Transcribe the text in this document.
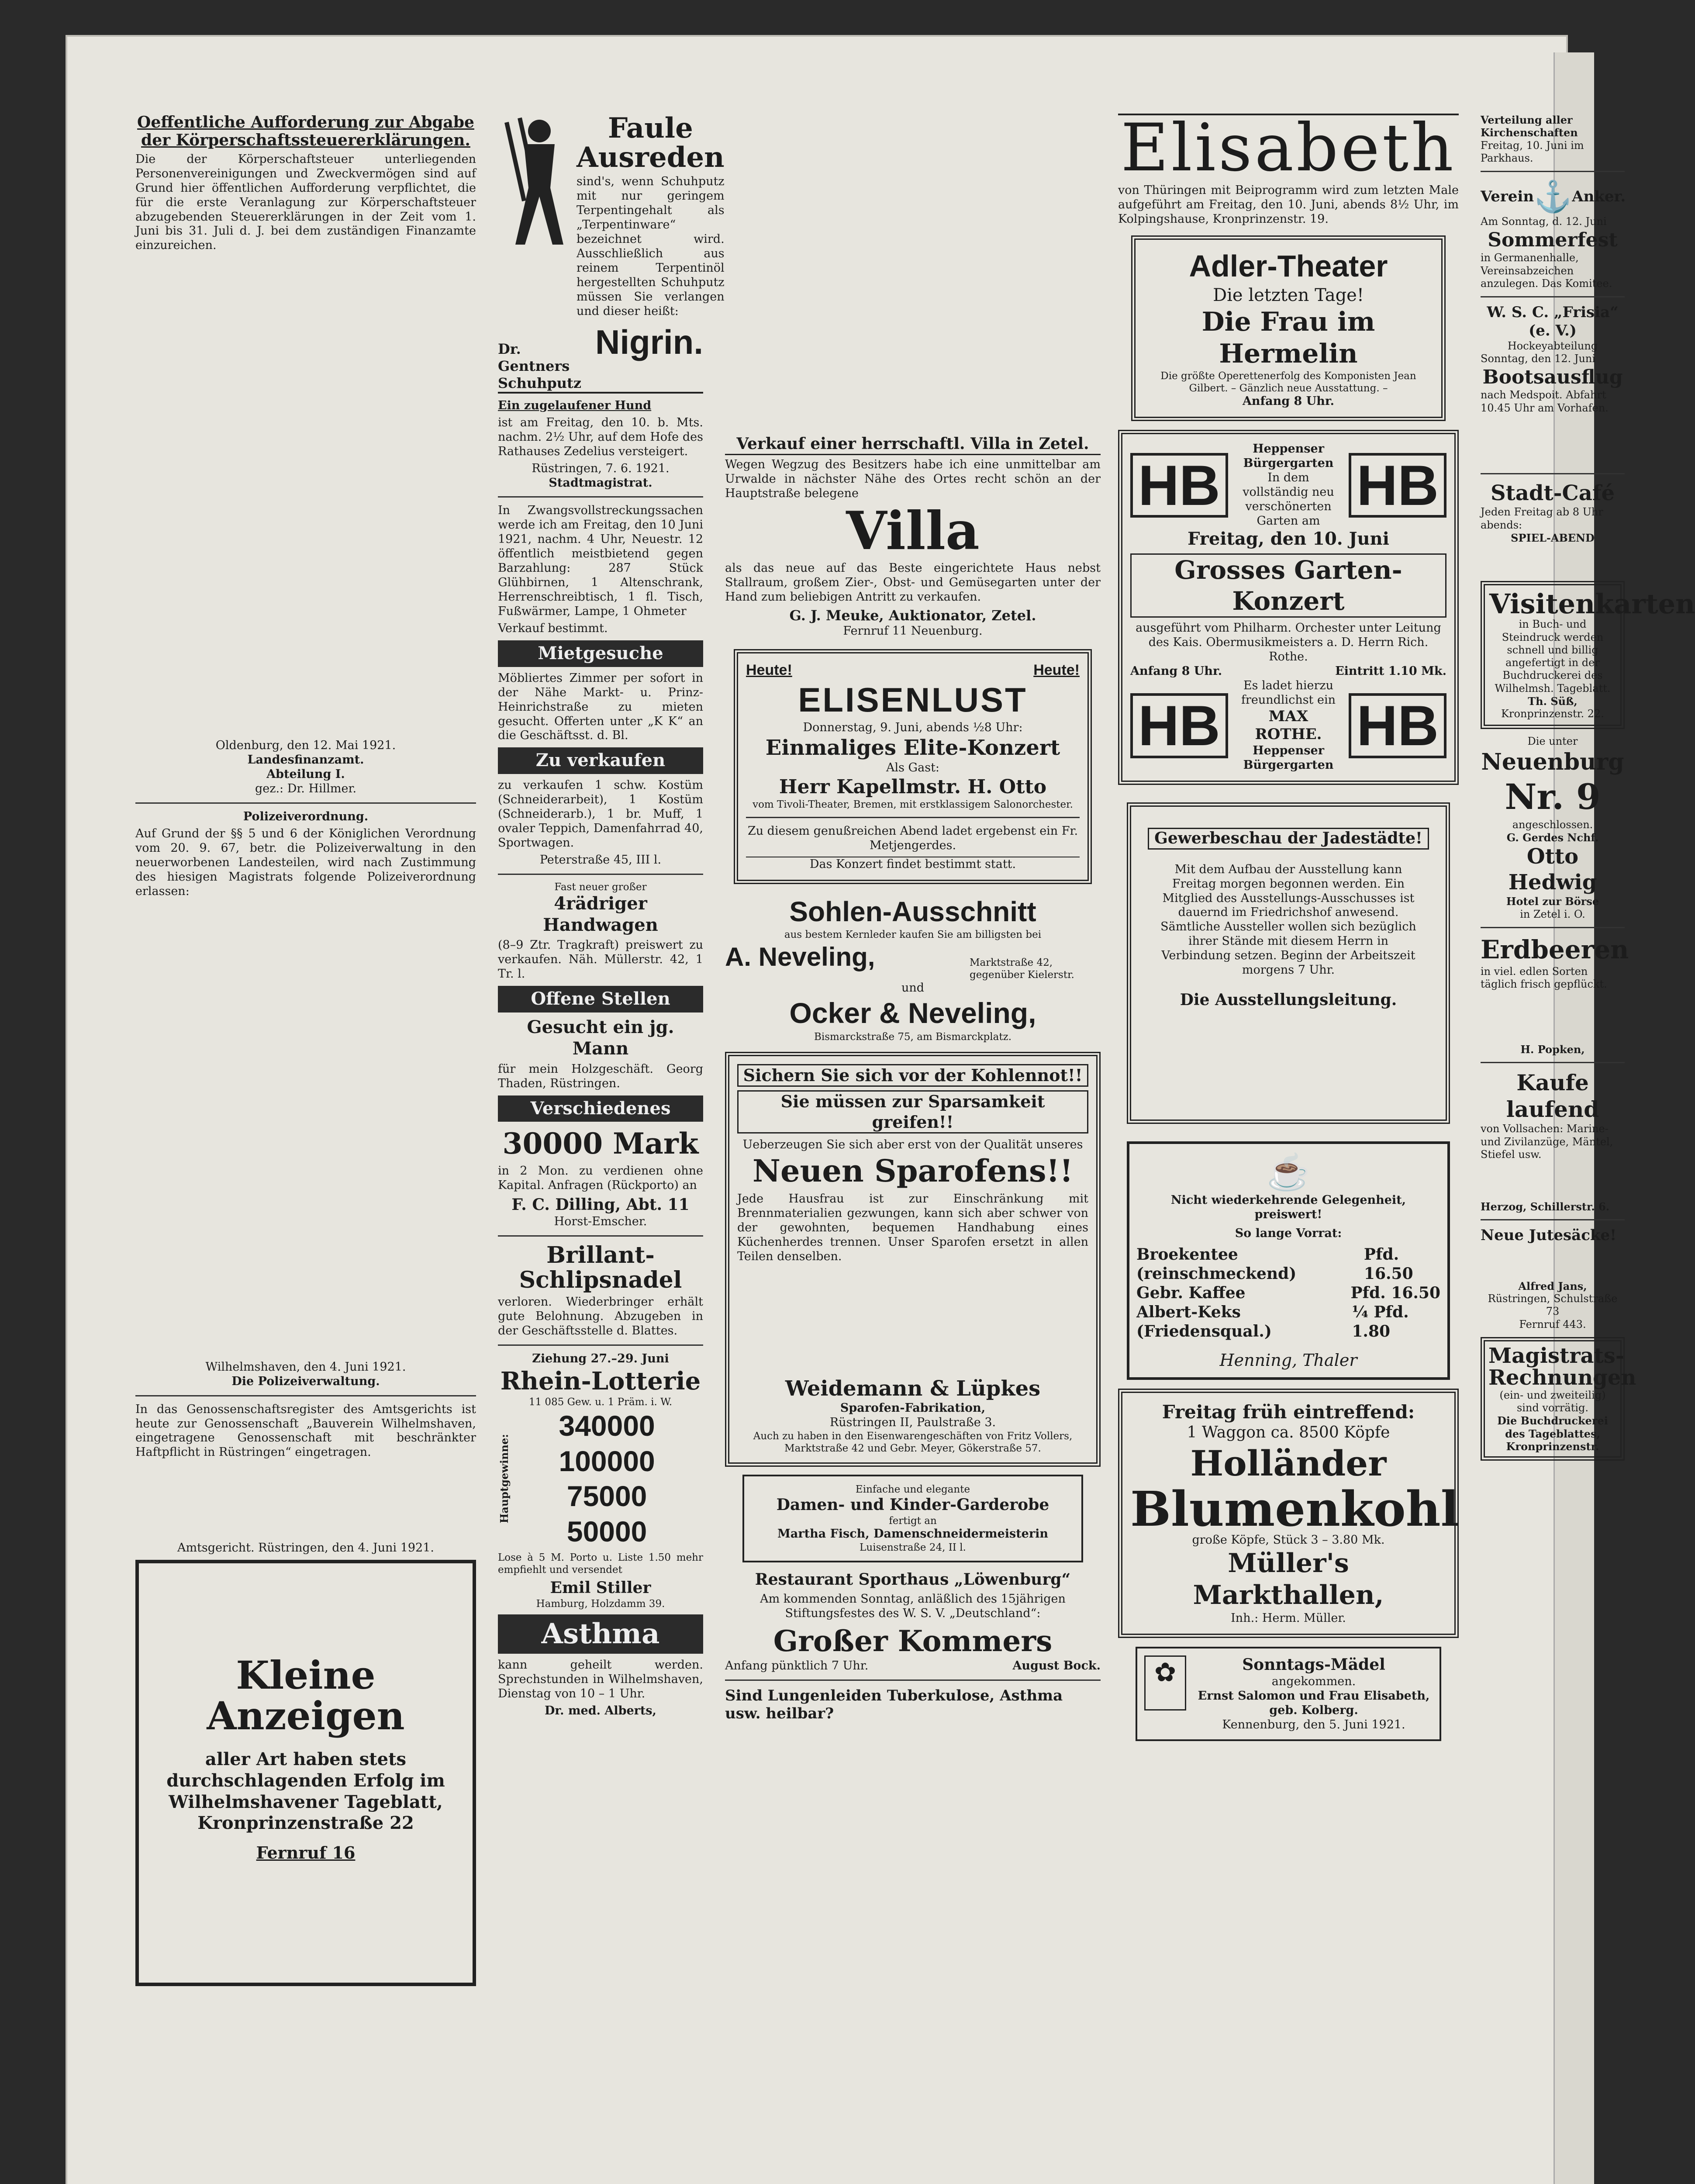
Oeffentliche Aufforderung zur Abgabe der Körperschaftssteuererklärungen.

Die der Körperschaftsteuer unterliegenden Personenvereinigungen und Zweckvermögen sind auf Grund hier öffentlichen Aufforderung verpflichtet, die für die erste Veranlagung zur Körperschaftsteuer abzugebenden Steuererklärungen in der Zeit vom 1. Juni bis 31. Juli d. J. bei dem zuständigen Finanzamte einzureichen.

Oldenburg, den 12. Mai 1921.
Landesfinanzamt.
Abteilung I.
gez.: Dr. Hillmer.
Polizeiverordnung.

Auf Grund der §§ 5 und 6 der Königlichen Verordnung vom 20. 9. 67, betr. die Polizeiverwaltung in den neuerworbenen Landesteilen, wird nach Zustimmung des hiesigen Magistrats folgende Polizeiverordnung erlassen:

Wilhelmshaven, den 4. Juni 1921.
Die Polizeiverwaltung.

In das Genossenschaftsregister des Amtsgerichts ist heute zur Genossenschaft „Bauverein Wilhelmshaven, eingetragene Genossenschaft mit beschränkter Haftpflicht in Rüstringen“ eingetragen.

Amtsgericht. Rüstringen, den 4. Juni 1921.
Kleine Anzeigen
aller Art haben stets durchschlagenden Erfolg im Wilhelmshavener Tageblatt, Kronprinzenstraße 22
Fernruf 16
Faule Ausreden

sind's, wenn Schuhputz mit nur geringem Terpentingehalt als „Terpentinware“ bezeichnet wird. Ausschließlich aus reinem Terpentinöl hergestellten Schuhputz müssen Sie verlangen und dieser heißt:

Dr. Gentners Schuhputz
Nigrin.
Ein zugelaufener Hund

ist am Freitag, den 10. b. Mts. nachm. 2½ Uhr, auf dem Hofe des Rathauses Zedelius versteigert.

Rüstringen, 7. 6. 1921.
Stadtmagistrat.

In Zwangsvollstreckungssachen werde ich am Freitag, den 10 Juni 1921, nachm. 4 Uhr, Neuestr. 12 öffentlich meistbietend gegen Barzahlung: 287 Stück Glühbirnen, 1 Altenschrank, Herrenschreibtisch, 1 fl. Tisch, Fußwärmer, Lampe, 1 Ohmeter

Verkauf bestimmt.
Mietgesuche

Möbliertes Zimmer per sofort in der Nähe Markt- u. Prinz-Heinrichstraße zu mieten gesucht. Offerten unter „K K“ an die Geschäftsst. d. Bl.

Zu verkaufen

zu verkaufen 1 schw. Kostüm (Schneiderarbeit), 1 Kostüm (Schneiderarb.), 1 br. Muff, 1 ovaler Teppich, Damenfahrrad 40, Sportwagen.

Peterstraße 45, III l.
Fast neuer großer
4rädriger Handwagen

(8–9 Ztr. Tragkraft) preiswert zu verkaufen. Näh. Müllerstr. 42, 1 Tr. l.

Offene Stellen
Gesucht ein jg. Mann

für mein Holzgeschäft. Georg Thaden, Rüstringen.

Verschiedenes
30000 Mark

in 2 Mon. zu verdienen ohne Kapital. Anfragen (Rückporto) an

F. C. Dilling, Abt. 11
Horst-Emscher.
Brillant-Schlipsnadel

verloren. Wiederbringer erhält gute Belohnung. Abzugeben in der Geschäftsstelle d. Blattes.

Ziehung 27.–29. Juni
Rhein-Lotterie
11 085 Gew. u. 1 Präm. i. W.
Hauptgewinne:
340000
100000
75000
50000

Lose à 5 M. Porto u. Liste 1.50 mehr empfiehlt und versendet

Emil Stiller
Hamburg, Holzdamm 39.
Asthma

kann geheilt werden. Sprechstunden in Wilhelmshaven, Dienstag von 10 – 1 Uhr.

Dr. med. Alberts,
Verkauf einer herrschaftl. Villa in Zetel.

Wegen Wegzug des Besitzers habe ich eine unmittelbar am Urwalde in nächster Nähe des Ortes recht schön an der Hauptstraße belegene

Villa

als das neue auf das Beste eingerichtete Haus nebst Stallraum, großem Zier-, Obst- und Gemüsegarten unter der Hand zum beliebigen Antritt zu verkaufen.

G. J. Meuke, Auktionator, Zetel.
Fernruf 11 Neuenburg.
Heute!	Heute!
ELISENLUST
Donnerstag, 9. Juni, abends ½8 Uhr:
Einmaliges Elite-Konzert
Als Gast:
Herr Kapellmstr. H. Otto
vom Tivoli-Theater, Bremen, mit erstklassigem Salonorchester.
Zu diesem genußreichen Abend ladet ergebenst ein Fr. Metjengerdes.
Das Konzert findet bestimmt statt.
Sohlen-Ausschnitt
aus bestem Kernleder kaufen Sie am billigsten bei
A. Neveling,	Marktstraße 42, gegenüber Kielerstr.
und
Ocker & Neveling,
Bismarckstraße 75, am Bismarckplatz.
Sichern Sie sich vor der Kohlennot!!
Sie müssen zur Sparsamkeit greifen!!
Ueberzeugen Sie sich aber erst von der Qualität unseres
Neuen Sparofens!!

Jede Hausfrau ist zur Einschränkung mit Brennmaterialien gezwungen, kann sich aber schwer von der gewohnten, bequemen Handhabung eines Küchenherdes trennen. Unser Sparofen ersetzt in allen Teilen denselben.

Weidemann & Lüpkes
Sparofen-Fabrikation,
Rüstringen II, Paulstraße 3.
Auch zu haben in den Eisenwarengeschäften von Fritz Vollers, Marktstraße 42 und Gebr. Meyer, Gökerstraße 57.
Einfache und elegante
Damen- und Kinder-Garderobe
fertigt an
Martha Fisch, Damenschneidermeisterin
Luisenstraße 24, II l.
Restaurant Sporthaus „Löwenburg“

Am kommenden Sonntag, anläßlich des 15jährigen Stiftungsfestes des W. S. V. „Deutschland“:

Großer Kommers
Anfang pünktlich 7 Uhr.	August Bock.
Sind Lungenleiden Tuberkulose, Asthma usw. heilbar?
Elisabeth

von Thüringen mit Beiprogramm wird zum letzten Male aufgeführt am Freitag, den 10. Juni, abends 8½ Uhr, im Kolpingshause, Kronprinzenstr. 19.

Adler-Theater
Die letzten Tage!
Die Frau im Hermelin
Die größte Operettenerfolg des Komponisten Jean Gilbert. – Gänzlich neue Ausstattung. –
Anfang 8 Uhr.
HB
Heppenser Bürgergarten
In dem vollständig neu verschönerten Garten am
HB
Freitag, den 10. Juni
Grosses Garten-Konzert
ausgeführt vom Philharm. Orchester unter Leitung des Kais. Obermusikmeisters a. D. Herrn Rich. Rothe.
Anfang 8 Uhr.	Eintritt 1.10 Mk.
HB
Es ladet hierzu freundlichst ein
MAX ROTHE.
Heppenser Bürgergarten
HB
Gewerbeschau der Jadestädte!

Mit dem Aufbau der Ausstellung kann Freitag morgen begonnen werden. Ein Mitglied des Ausstellungs-Ausschusses ist dauernd im Friedrichshof anwesend. Sämtliche Aussteller wollen sich bezüglich ihrer Stände mit diesem Herrn in Verbindung setzen. Beginn der Arbeitszeit morgens 7 Uhr.

Die Ausstellungsleitung.
☕
Nicht wiederkehrende Gelegenheit, preiswert!
So lange Vorrat:
Broekentee (reinschmeckend)
Pfd. 16.50
Gebr. Kaffee	Pfd. 16.50
Albert-Keks (Friedensqual.)
¼ Pfd. 1.80
Henning, Thaler
Freitag früh eintreffend:
1 Waggon ca. 8500 Köpfe
Holländer
Blumenkohl
große Köpfe, Stück 3 – 3.80 Mk.
Müller's Markthallen,
Inh.: Herm. Müller.
✿	Sonntags-Mädel
angekommen.
Ernst Salomon und Frau Elisabeth, geb. Kolberg.
Kennenburg, den 5. Juni 1921.
Verteilung aller Kirchenschaften
Freitag, 10. Juni im Parkhaus.
Verein ⚓ Anker.
Am Sonntag, d. 12. Juni
Sommerfest
in Germanenhalle, Vereinsabzeichen anzulegen. Das Komitee.
W. S. C. „Frisia“ (e. V.)
Hockeyabteilung
Sonntag, den 12. Juni
Bootsausflug
nach Medspoit. Abfahrt 10.45 Uhr am Vorhafen.
Stadt-Café
Jeden Freitag ab 8 Uhr abends:
SPIEL-ABEND
Visitenkarten
in Buch- und Steindruck werden schnell und billig angefertigt in der Buchdruckerei des Wilhelmsh. Tageblatt.
Th. Süß,
Kronprinzenstr. 22.
Die unter
Neuenburg
Nr. 9
angeschlossen.
G. Gerdes Nchf.
Otto Hedwig
Hotel zur Börse
in Zetel i. O.
Erdbeeren
in viel. edlen Sorten täglich frisch gepflückt.
H. Popken,
Kaufe laufend
von Vollsachen: Marine- und Zivilanzüge, Mäntel, Stiefel usw.
Herzog, Schillerstr. 6.
Neue Jutesäcke!
Alfred Jans,
Rüstringen, Schulstraße 73
Fernruf 443.
Magistrats-Rechnungen
(ein- und zweiteilig) sind vorrätig.
Die Buchdruckerei des Tageblattes, Kronprinzenstr.
